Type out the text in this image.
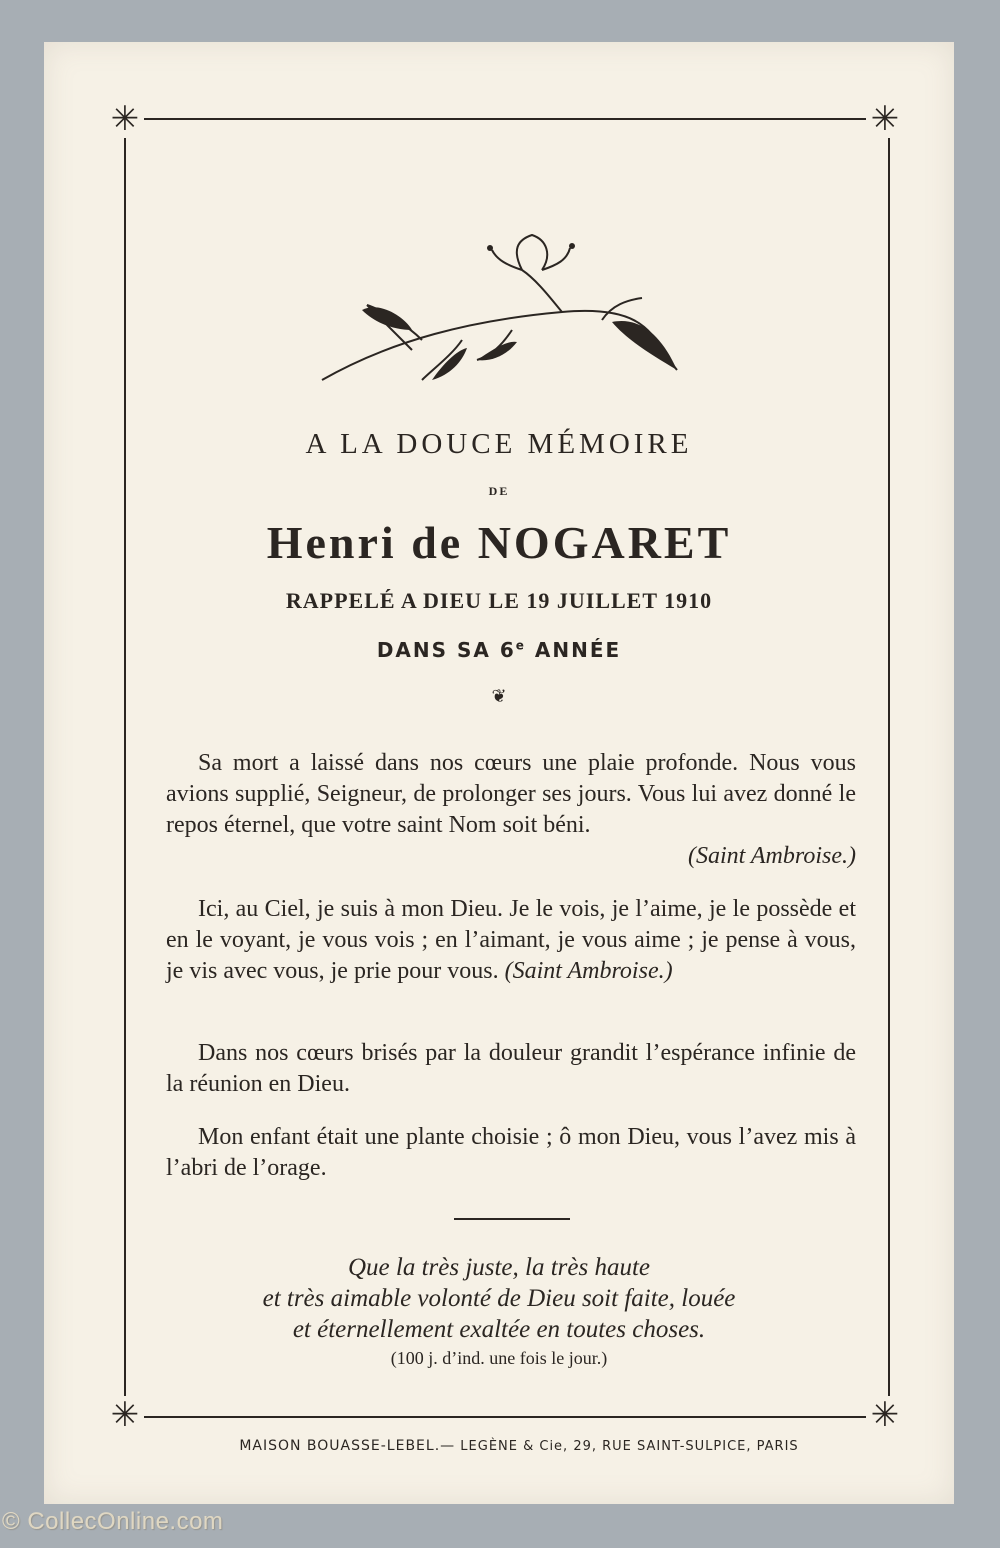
✳	✳
✳	✳
A LA DOUCE MÉMOIRE
DE
Henri de NOGARET
RAPPELÉ A DIEU LE 19 JUILLET 1910
DANS SA 6e ANNÉE
❦

Sa mort a laissé dans nos cœurs une plaie profonde. Nous vous avions supplié, Seigneur, de prolonger ses jours. Vous lui avez donné le repos éternel, que votre saint Nom soit béni.

(Saint Ambroise.)

Ici, au Ciel, je suis à mon Dieu. Je le vois, je l’aime, je le possède et en le voyant, je vous vois ; en l’aimant, je vous aime ; je pense à vous, je vis avec vous, je prie pour vous. (Saint Ambroise.)

Dans nos cœurs brisés par la douleur grandit l’espérance infinie de la réunion en Dieu.

Mon enfant était une plante choisie ; ô mon Dieu, vous l’avez mis à l’abri de l’orage.

Que la très juste, la très haute
et très aimable volonté de Dieu soit faite, louée
et éternellement exaltée en toutes choses.
(100 j. d’ind. une fois le jour.)
MAISON BOUASSE-LEBEL.— LEGÈNE & Cie, 29, RUE SAINT-SULPICE, PARIS
© CollecOnline.com
